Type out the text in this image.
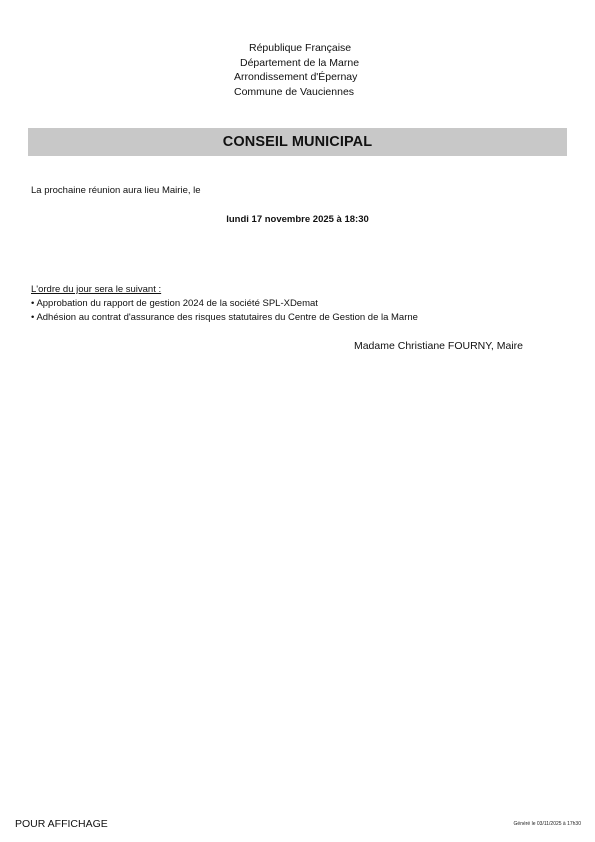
République Française
Département de la Marne
Arrondissement d'Épernay
Commune de Vauciennes
CONSEIL MUNICIPAL
La prochaine réunion aura lieu Mairie, le
lundi 17 novembre 2025 à 18:30
L'ordre du jour sera le suivant :
• Approbation du rapport de gestion 2024 de la société SPL-XDemat
• Adhésion au contrat d'assurance des risques statutaires du Centre de Gestion de la Marne
Madame Christiane FOURNY, Maire
POUR AFFICHAGE	Généré le 03/11/2025 à 17h30
